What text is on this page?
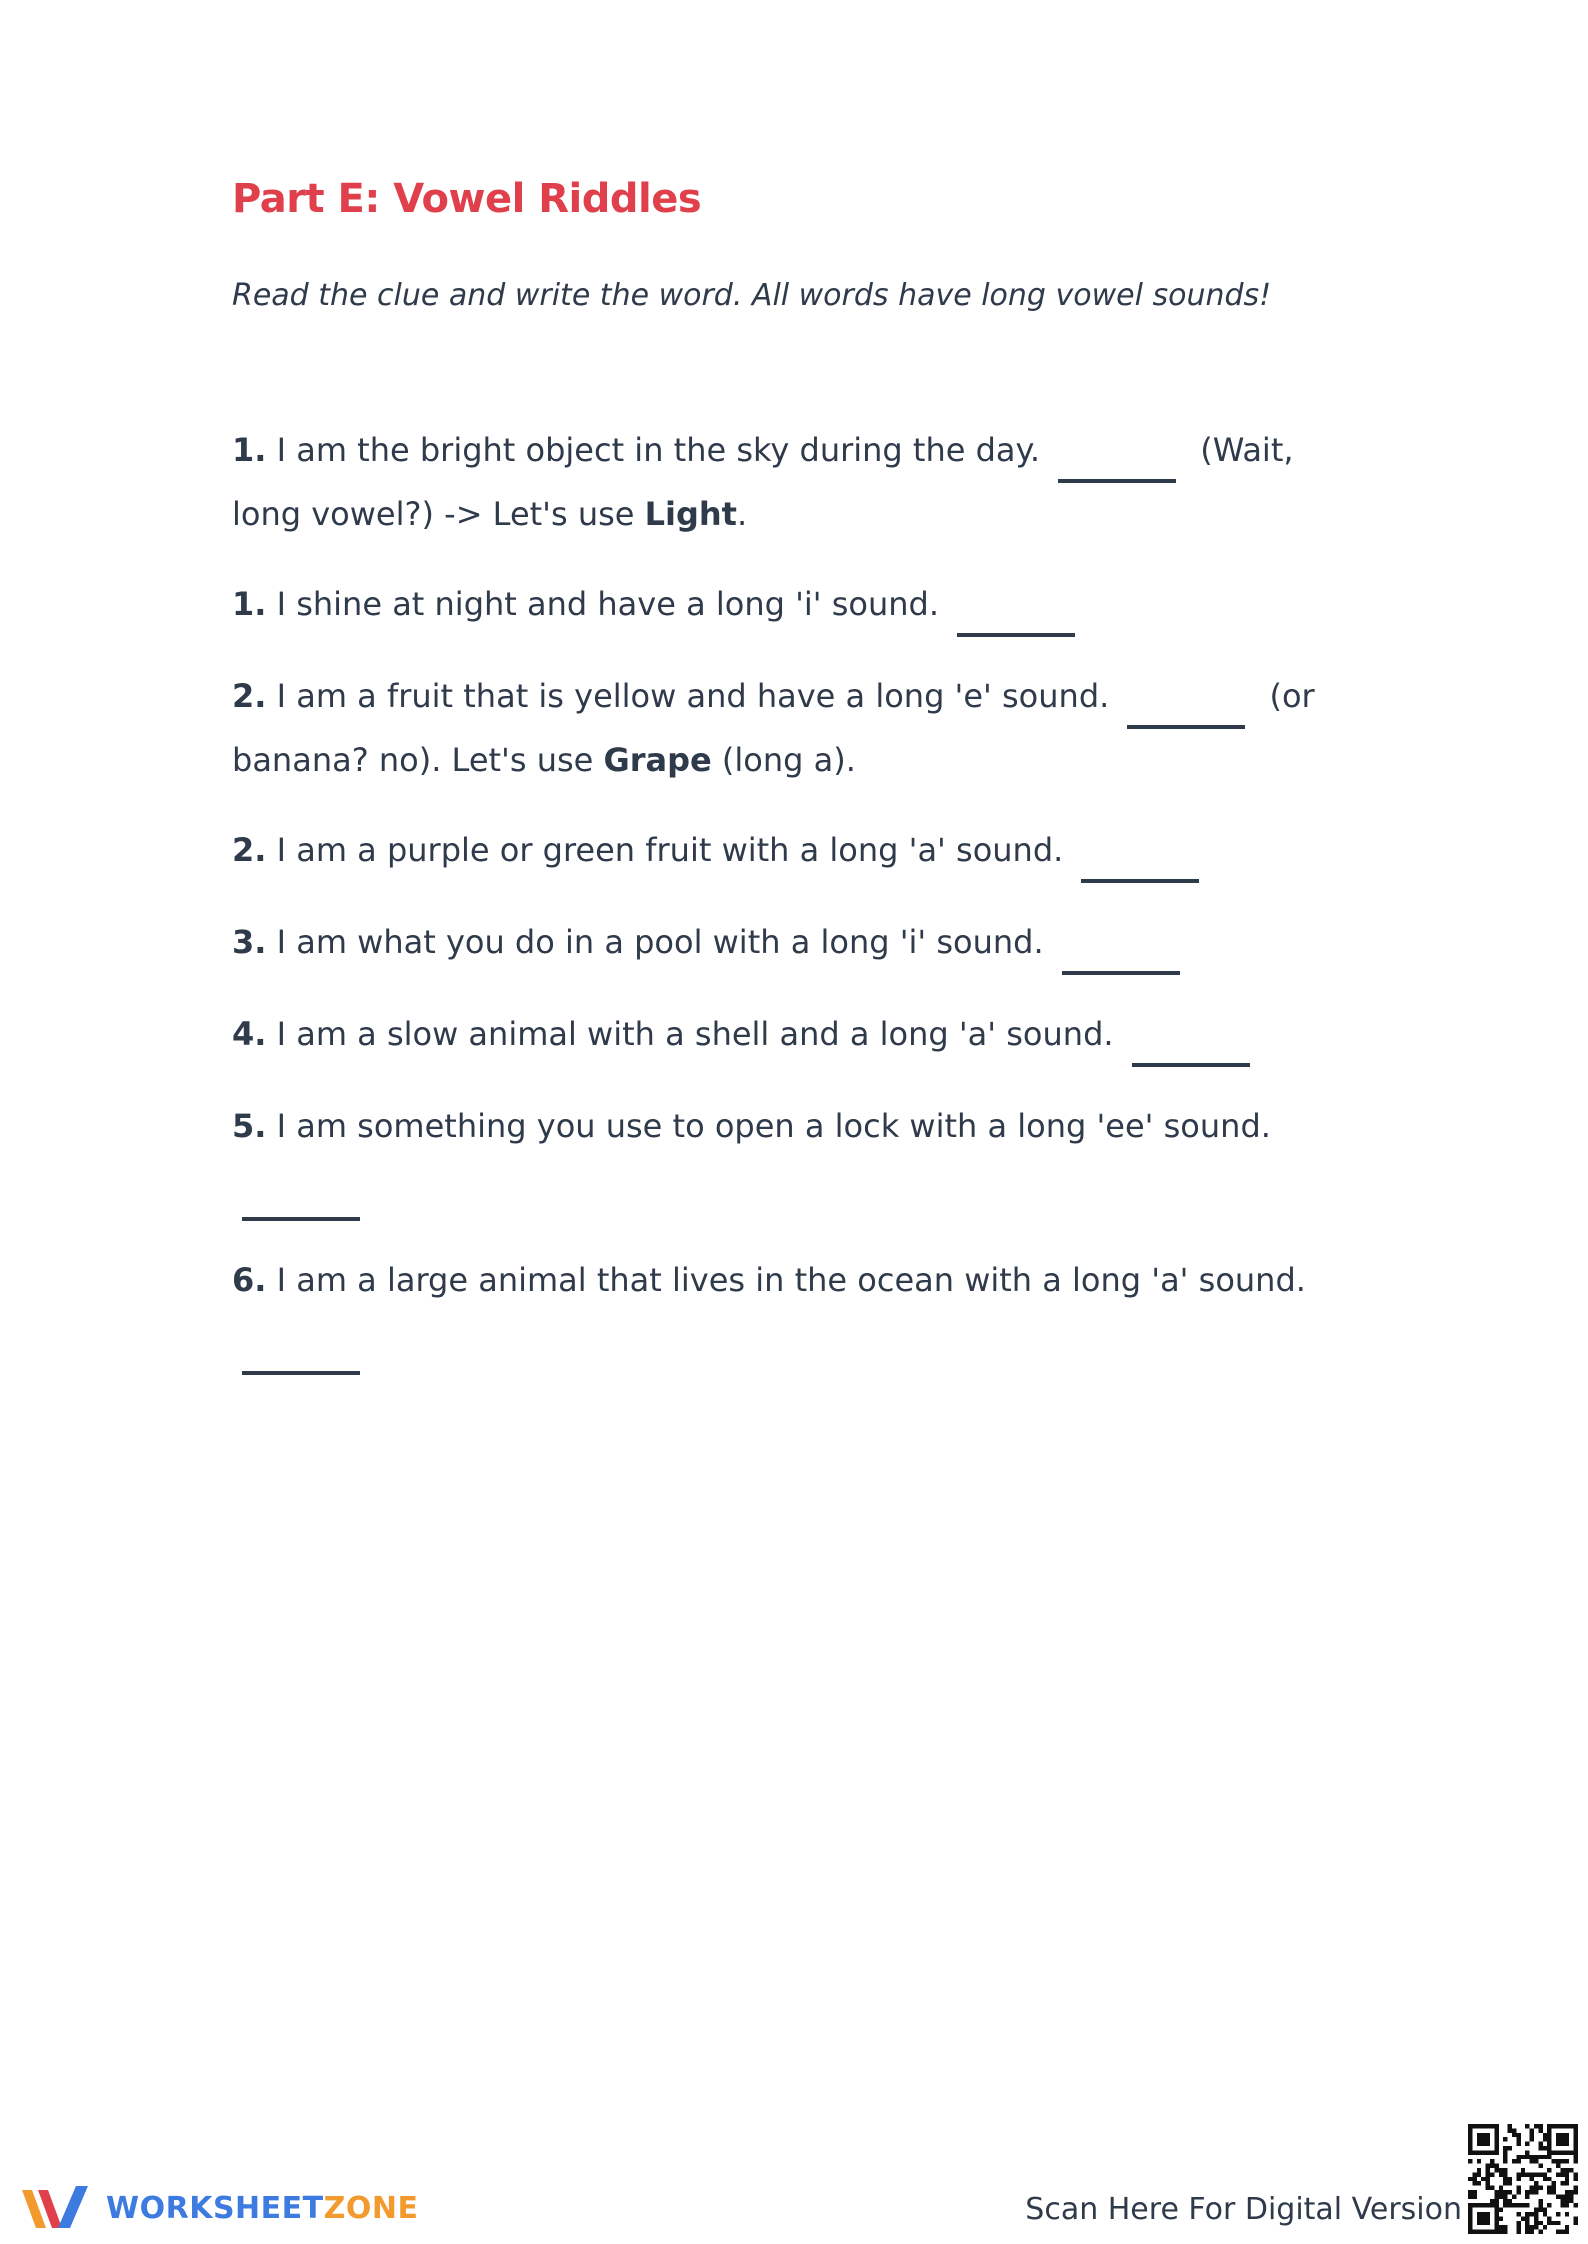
Part E: Vowel Riddles

Read the clue and write the word. All words have long vowel sounds!

1. I am the bright object in the sky during the day.	(Wait, long vowel?) -> Let's use Light.
1. I shine at night and have a long 'i' sound.
2. I am a fruit that is yellow and have a long 'e' sound.	(or banana? no). Let's use Grape (long a).
2. I am a purple or green fruit with a long 'a' sound.
3. I am what you do in a pool with a long 'i' sound.
4. I am a slow animal with a shell and a long 'a' sound.
5. I am something you use to open a lock with a long 'ee' sound.
6. I am a large animal that lives in the ocean with a long 'a' sound.
WORKSHEETZONE	Scan Here For Digital Version
